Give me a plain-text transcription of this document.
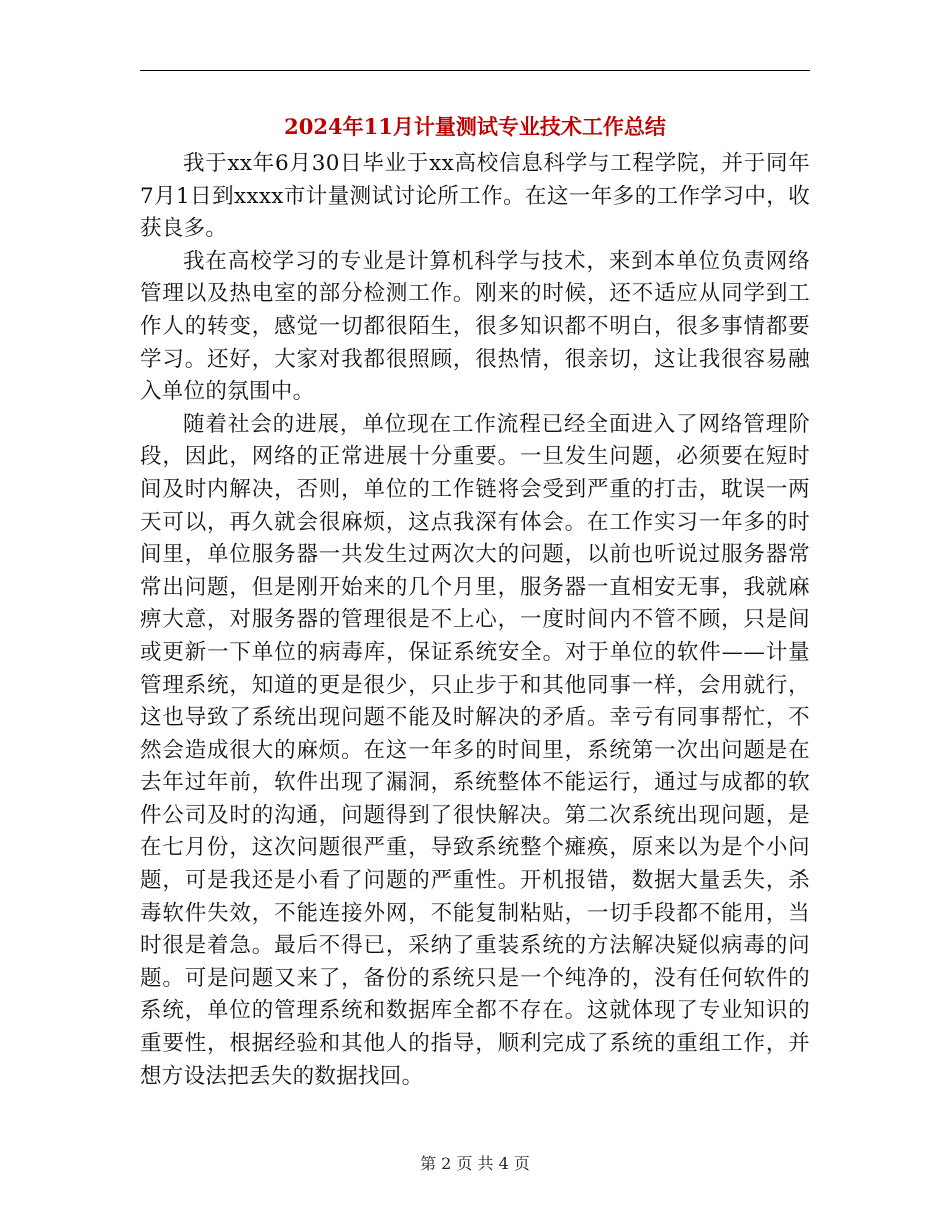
2024年11月计量测试专业技术工作总结

我于xx年6月30日毕业于xx高校信息科学与工程学院，并于同年7月1日到xxxx市计量测试讨论所工作。在这一年多的工作学习中，收获良多。

我在高校学习的专业是计算机科学与技术，来到本单位负责网络管理以及热电室的部分检测工作。刚来的时候，还不适应从同学到工作人的转变，感觉一切都很陌生，很多知识都不明白，很多事情都要学习。还好，大家对我都很照顾，很热情，很亲切，这让我很容易融入单位的氛围中。

随着社会的进展，单位现在工作流程已经全面进入了网络管理阶段，因此，网络的正常进展十分重要。一旦发生问题，必须要在短时间及时内解决，否则，单位的工作链将会受到严重的打击，耽误一两天可以，再久就会很麻烦，这点我深有体会。在工作实习一年多的时间里，单位服务器一共发生过两次大的问题，以前也听说过服务器常常出问题，但是刚开始来的几个月里，服务器一直相安无事，我就麻痹大意，对服务器的管理很是不上心，一度时间内不管不顾，只是间或更新一下单位的病毒库，保证系统安全。对于单位的软件——计量管理系统，知道的更是很少，只止步于和其他同事一样，会用就行，这也导致了系统出现问题不能及时解决的矛盾。幸亏有同事帮忙，不然会造成很大的麻烦。在这一年多的时间里，系统第一次出问题是在去年过年前，软件出现了漏洞，系统整体不能运行，通过与成都的软件公司及时的沟通，问题得到了很快解决。第二次系统出现问题，是在七月份，这次问题很严重，导致系统整个瘫痪，原来以为是个小问题，可是我还是小看了问题的严重性。开机报错，数据大量丢失，杀毒软件失效，不能连接外网，不能复制粘贴，一切手段都不能用，当时很是着急。最后不得已，采纳了重装系统的方法解决疑似病毒的问题。可是问题又来了，备份的系统只是一个纯净的，没有任何软件的系统，单位的管理系统和数据库全都不存在。这就体现了专业知识的重要性，根据经验和其他人的指导，顺利完成了系统的重组工作，并想方设法把丢失的数据找回。

第 2 页 共 4 页
